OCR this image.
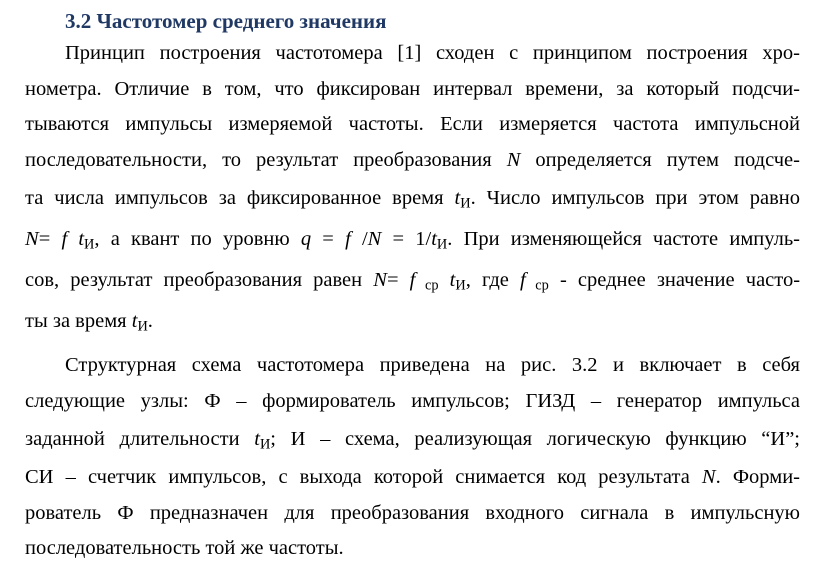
3.2 Частотомер среднего значения

Принцип построения частотомера [1] сходен с принципом построения хро-
нометра. Отличие в том, что фиксирован интервал времени, за который подсчи-
тываются импульсы измеряемой частоты. Если измеряется частота импульсной
последовательности, то результат преобразования N определяется путем подсче-
та числа импульсов за фиксированное время $t_И$. Число импульсов при этом равно
N= f $t_И$, а квант по уровню q = f $/N = 1/t_И$. При изменяющейся частоте импуль-
сов, результат преобразования равен N= f $_{ср}$ $t_И$, где f $_{ср}$ - среднее значение часто-
ты за время $t_И$.

Структурная схема частотомера приведена на рис. 3.2 и включает в себя
следующие узлы: Ф – формирователь импульсов; ГИЗД – генератор импульса
заданной длительности $t_И$; И – схема, реализующая логическую функцию “И”;
СИ – счетчик импульсов, с выхода которой снимается код результата N. Форми-
рователь Ф предназначен для преобразования входного сигнала в импульсную
последовательность той же частоты.
